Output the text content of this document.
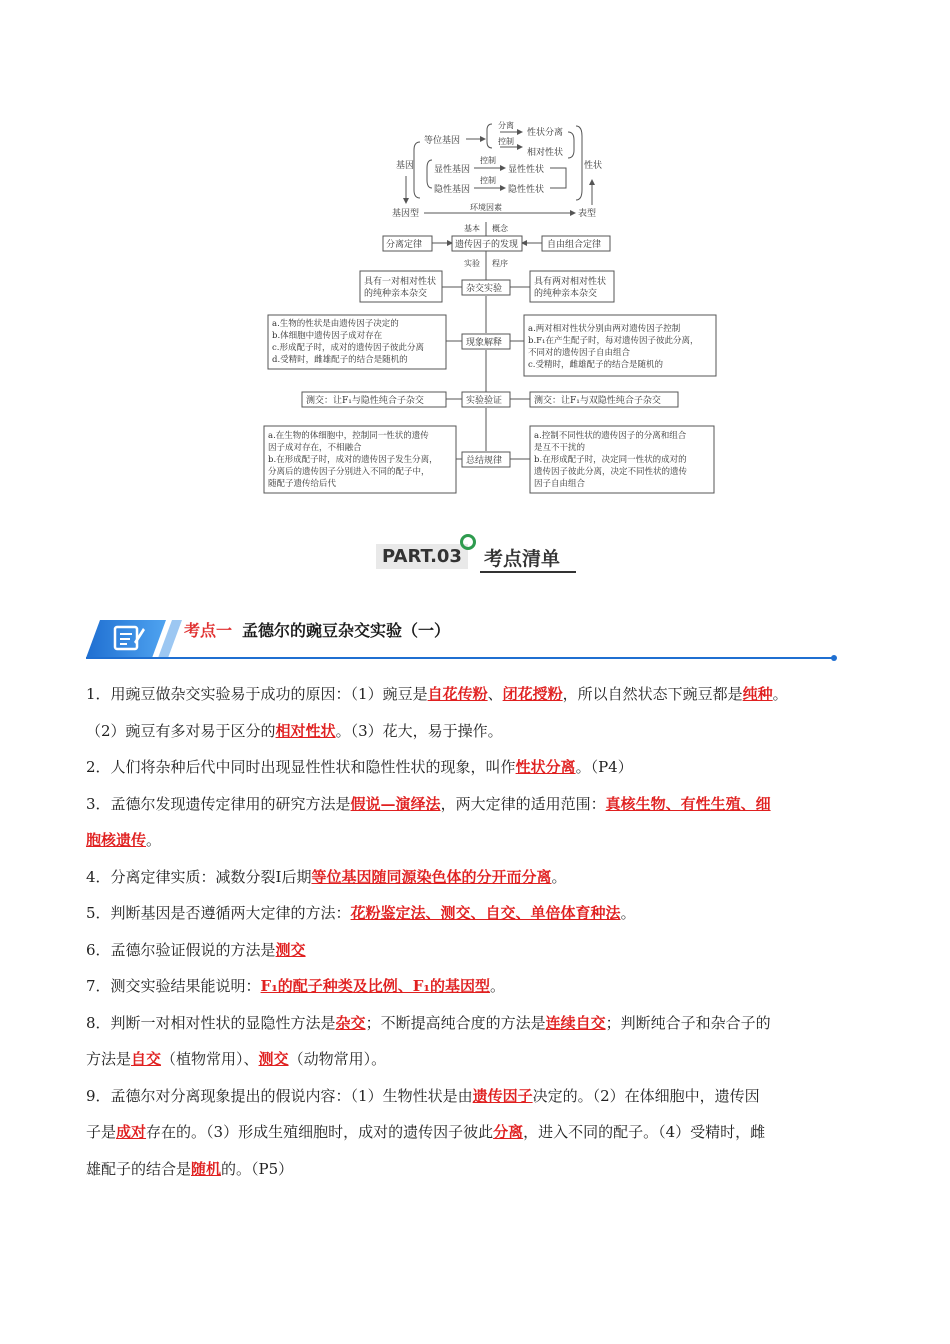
基因
等位基因
显性基因
隐性基因
分离
控制
控制
控制
性状分离
相对性状
显性性状
隐性性状
性状
基因型
环境因素
表型
基本 概念
分离定律	遗传因子的发现	自由组合定律
实验 程序
具有一对相对性状
的纯种亲本杂交	杂交实验
具有两对相对性状
的纯种亲本杂交
a.生物的性状是由遗传因子决定的
b.体细胞中遗传因子成对存在
c.形成配子时，成对的遗传因子彼此分离
d.受精时，雌雄配子的结合是随机的
现象解释
a.两对相对性状分别由两对遗传因子控制
b.F₁在产生配子时，每对遗传因子彼此分离，
不同对的遗传因子自由组合
c.受精时，雌雄配子的结合是随机的
测交：让F₁与隐性纯合子杂交	实验验证	测交：让F₁与双隐性纯合子杂交
a.在生物的体细胞中，控制同一性状的遗传
因子成对存在，不相融合
b.在形成配子时，成对的遗传因子发生分离，
分离后的遗传因子分别进入不同的配子中，
随配子遗传给后代
总结规律
a.控制不同性状的遗传因子的分离和组合
是互不干扰的
b.在形成配子时，决定同一性状的成对的
遗传因子彼此分离，决定不同性状的遗传
因子自由组合
PART.03	考点清单
考点一 孟德尔的豌豆杂交实验（一）

1．用豌豆做杂交实验易于成功的原因：（1）豌豆是自花传粉、闭花授粉，所以自然状态下豌豆都是纯种。

（2）豌豆有多对易于区分的相对性状。（3）花大，易于操作。

2．人们将杂种后代中同时出现显性性状和隐性性状的现象，叫作性状分离。（P4）

3．孟德尔发现遗传定律用的研究方法是假说—演绎法，两大定律的适用范围：真核生物、有性生殖、细

胞核遗传。

4．分离定律实质：减数分裂Ⅰ后期等位基因随同源染色体的分开而分离。

5．判断基因是否遵循两大定律的方法：花粉鉴定法、测交、自交、单倍体育种法。

6．孟德尔验证假说的方法是测交

7．测交实验结果能说明：F₁的配子种类及比例、F₁的基因型。

8．判断一对相对性状的显隐性方法是杂交；不断提高纯合度的方法是连续自交；判断纯合子和杂合子的

方法是自交（植物常用）、测交（动物常用）。

9．孟德尔对分离现象提出的假说内容：（1）生物性状是由遗传因子决定的。（2）在体细胞中，遗传因

子是成对存在的。（3）形成生殖细胞时，成对的遗传因子彼此分离，进入不同的配子。（4）受精时，雌

雄配子的结合是随机的。（P5）
